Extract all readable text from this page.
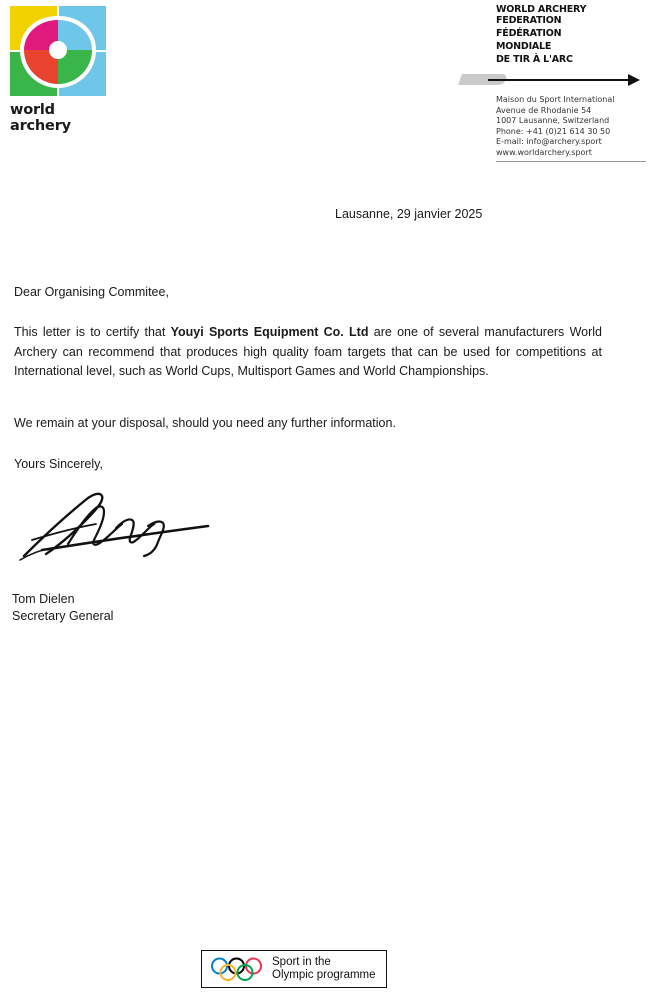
world archery
WORLD ARCHERY
FEDERATION
FÉDÉRATION
MONDIALE
DE TIR À L'ARC
Maison du Sport International
Avenue de Rhodanie 54
1007 Lausanne, Switzerland
Phone: +41 (0)21 614 30 50
E-mail: info@archery.sport
www.worldarchery.sport
Lausanne, 29 janvier 2025
Dear Organising Commitee,
This letter is to certify that Youyi Sports Equipment Co. Ltd are one of several manufacturers World Archery can recommend that produces high quality foam targets that can be used for competitions at International level, such as World Cups, Multisport Games and World Championships.
We remain at your disposal, should you need any further information.
Yours Sincerely,
Tom Dielen
Secretary General
Sport in the
Olympic programme
